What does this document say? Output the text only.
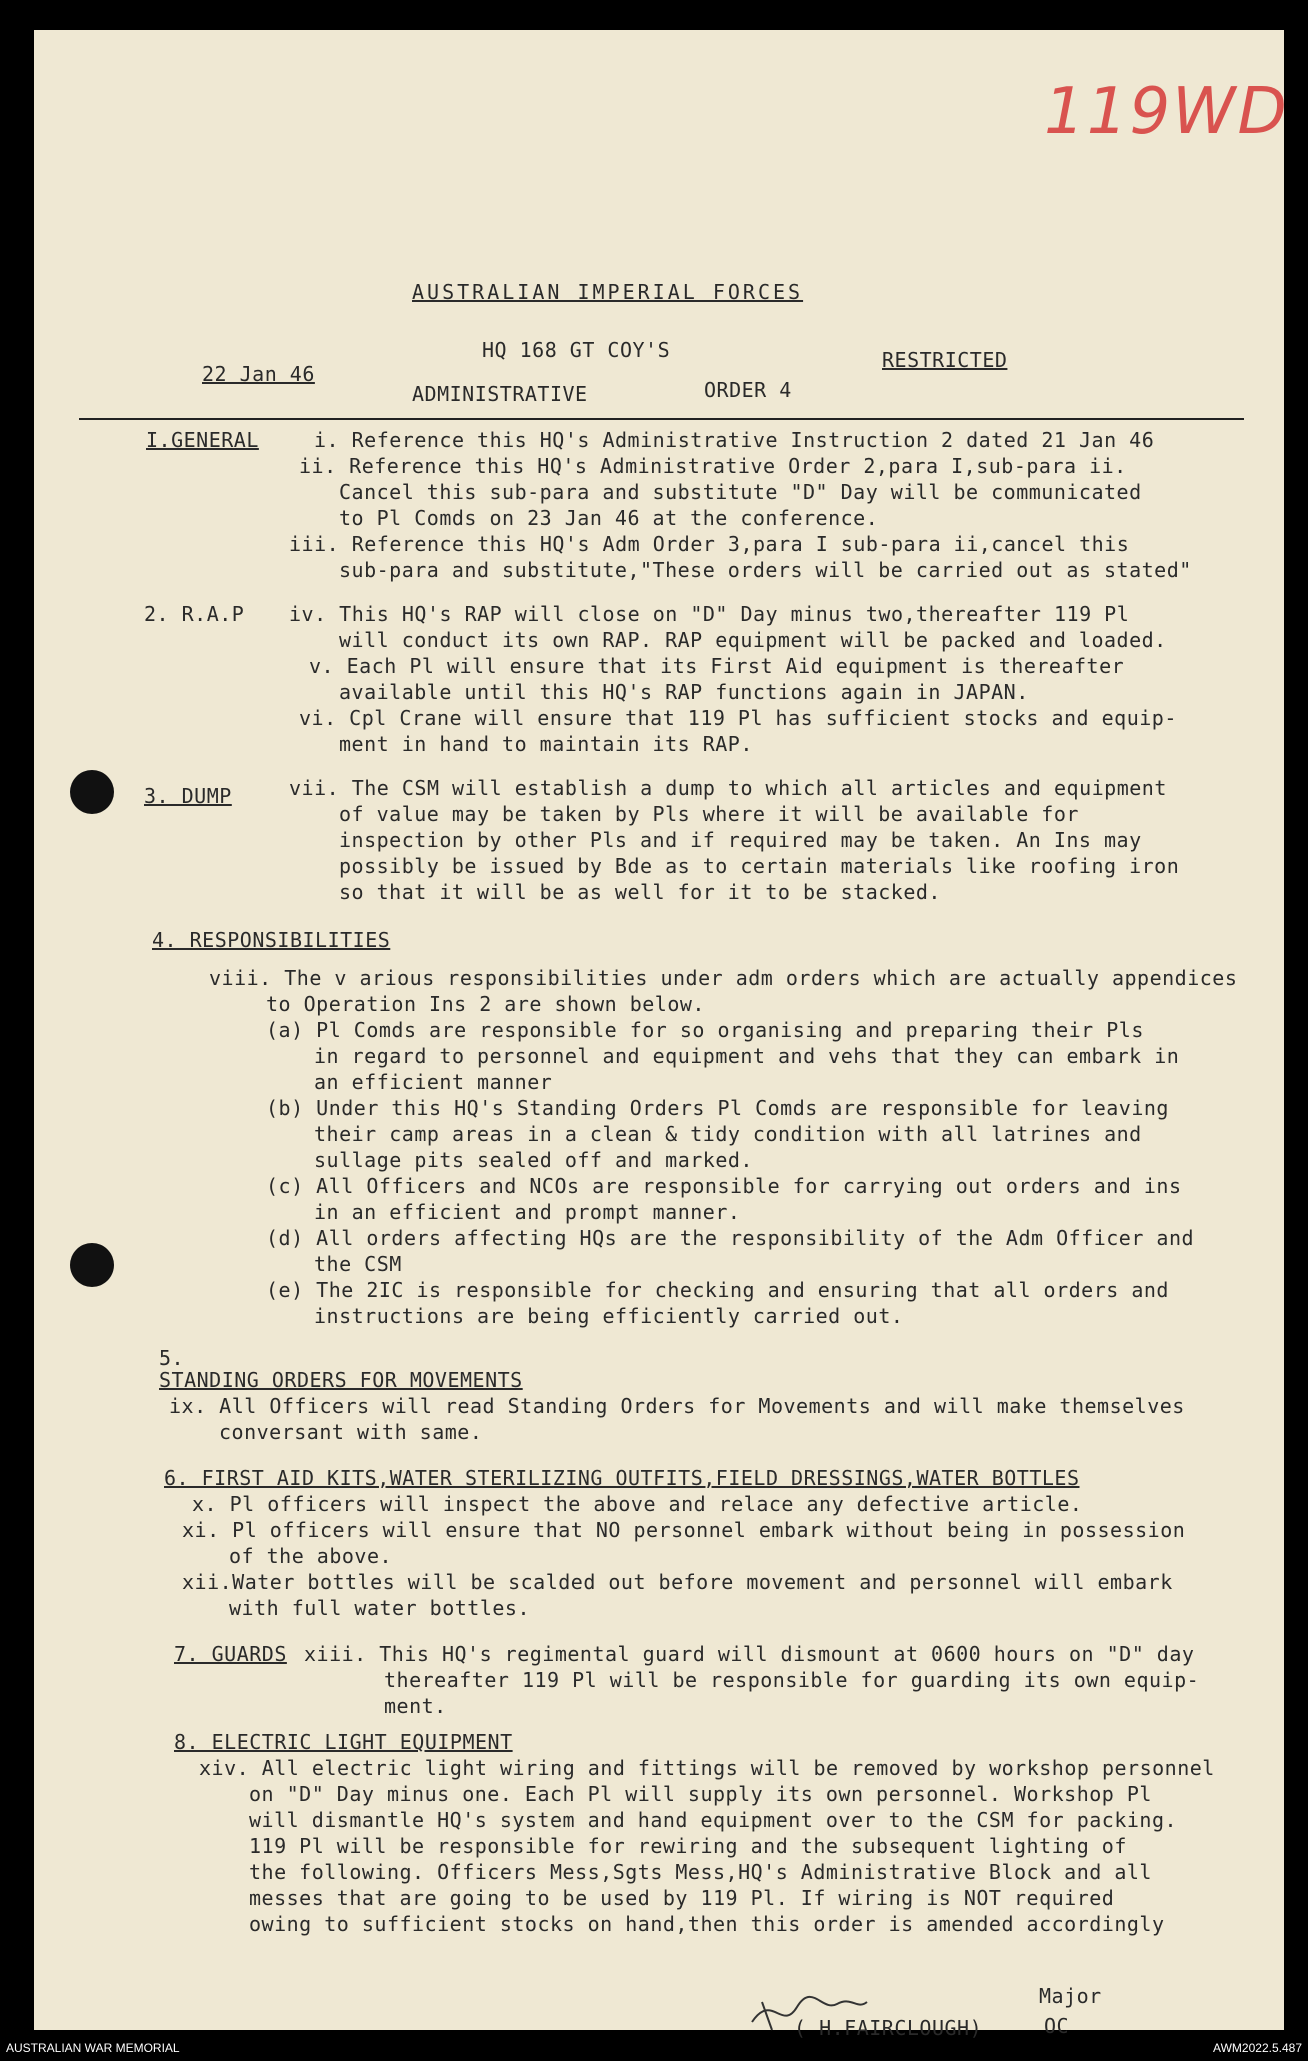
119WD
AUSTRALIAN IMPERIAL FORCES
HQ 168 GT COY'S
22 Jan 46
RESTRICTED
ADMINISTRATIVE	ORDER 4
I.GENERAL	i. Reference this HQ's Administrative Instruction 2 dated 21 Jan 46
ii. Reference this HQ's Administrative Order 2,para I,sub-para ii.
Cancel this sub-para and substitute "D" Day will be communicated
to Pl Comds on 23 Jan 46 at the conference.
iii. Reference this HQ's Adm Order 3,para I sub-para ii,cancel this
sub-para and substitute,"These orders will be carried out as stated"
2. R.A.P iv. This HQ's RAP will close on "D" Day minus two,thereafter 119 Pl
will conduct its own RAP. RAP equipment will be packed and loaded.
v. Each Pl will ensure that its First Aid equipment is thereafter
available until this HQ's RAP functions again in JAPAN.
vi. Cpl Crane will ensure that 119 Pl has sufficient stocks and equip-
ment in hand to maintain its RAP.
3. DUMP	vii. The CSM will establish a dump to which all articles and equipment
of value may be taken by Pls where it will be available for
inspection by other Pls and if required may be taken. An Ins may
possibly be issued by Bde as to certain materials like roofing iron
so that it will be as well for it to be stacked.
4. RESPONSIBILITIES
viii. The v arious responsibilities under adm orders which are actually appendices
to Operation Ins 2 are shown below.
(a) Pl Comds are responsible for so organising and preparing their Pls
in regard to personnel and equipment and vehs that they can embark in
an efficient manner
(b) Under this HQ's Standing Orders Pl Comds are responsible for leaving
their camp areas in a clean & tidy condition with all latrines and
sullage pits sealed off and marked.
(c) All Officers and NCOs are responsible for carrying out orders and ins
in an efficient and prompt manner.
(d) All orders affecting HQs are the responsibility of the Adm Officer and
the CSM
(e) The 2IC is responsible for checking and ensuring that all orders and
instructions are being efficiently carried out.
5.
STANDING ORDERS FOR MOVEMENTS
ix. All Officers will read Standing Orders for Movements and will make themselves
conversant with same.
6. FIRST AID KITS,WATER STERILIZING OUTFITS,FIELD DRESSINGS,WATER BOTTLES
x. Pl officers will inspect the above and relace any defective article.
xi. Pl officers will ensure that NO personnel embark without being in possession
of the above.
xii.Water bottles will be scalded out before movement and personnel will embark
with full water bottles.
7. GUARDS xiii. This HQ's regimental guard will dismount at 0600 hours on "D" day
thereafter 119 Pl will be responsible for guarding its own equip-
ment.
8. ELECTRIC LIGHT EQUIPMENT
xiv. All electric light wiring and fittings will be removed by workshop personnel
on "D" Day minus one. Each Pl will supply its own personnel. Workshop Pl
will dismantle HQ's system and hand equipment over to the CSM for packing.
119 Pl will be responsible for rewiring and the subsequent lighting of
the following. Officers Mess,Sgts Mess,HQ's Administrative Block and all
messes that are going to be used by 119 Pl. If wiring is NOT required
owing to sufficient stocks on hand,then this order is amended accordingly
Major
( H.FAIRCLOUGH)	OC
AUSTRALIAN WAR MEMORIAL	AWM2022.5.487
